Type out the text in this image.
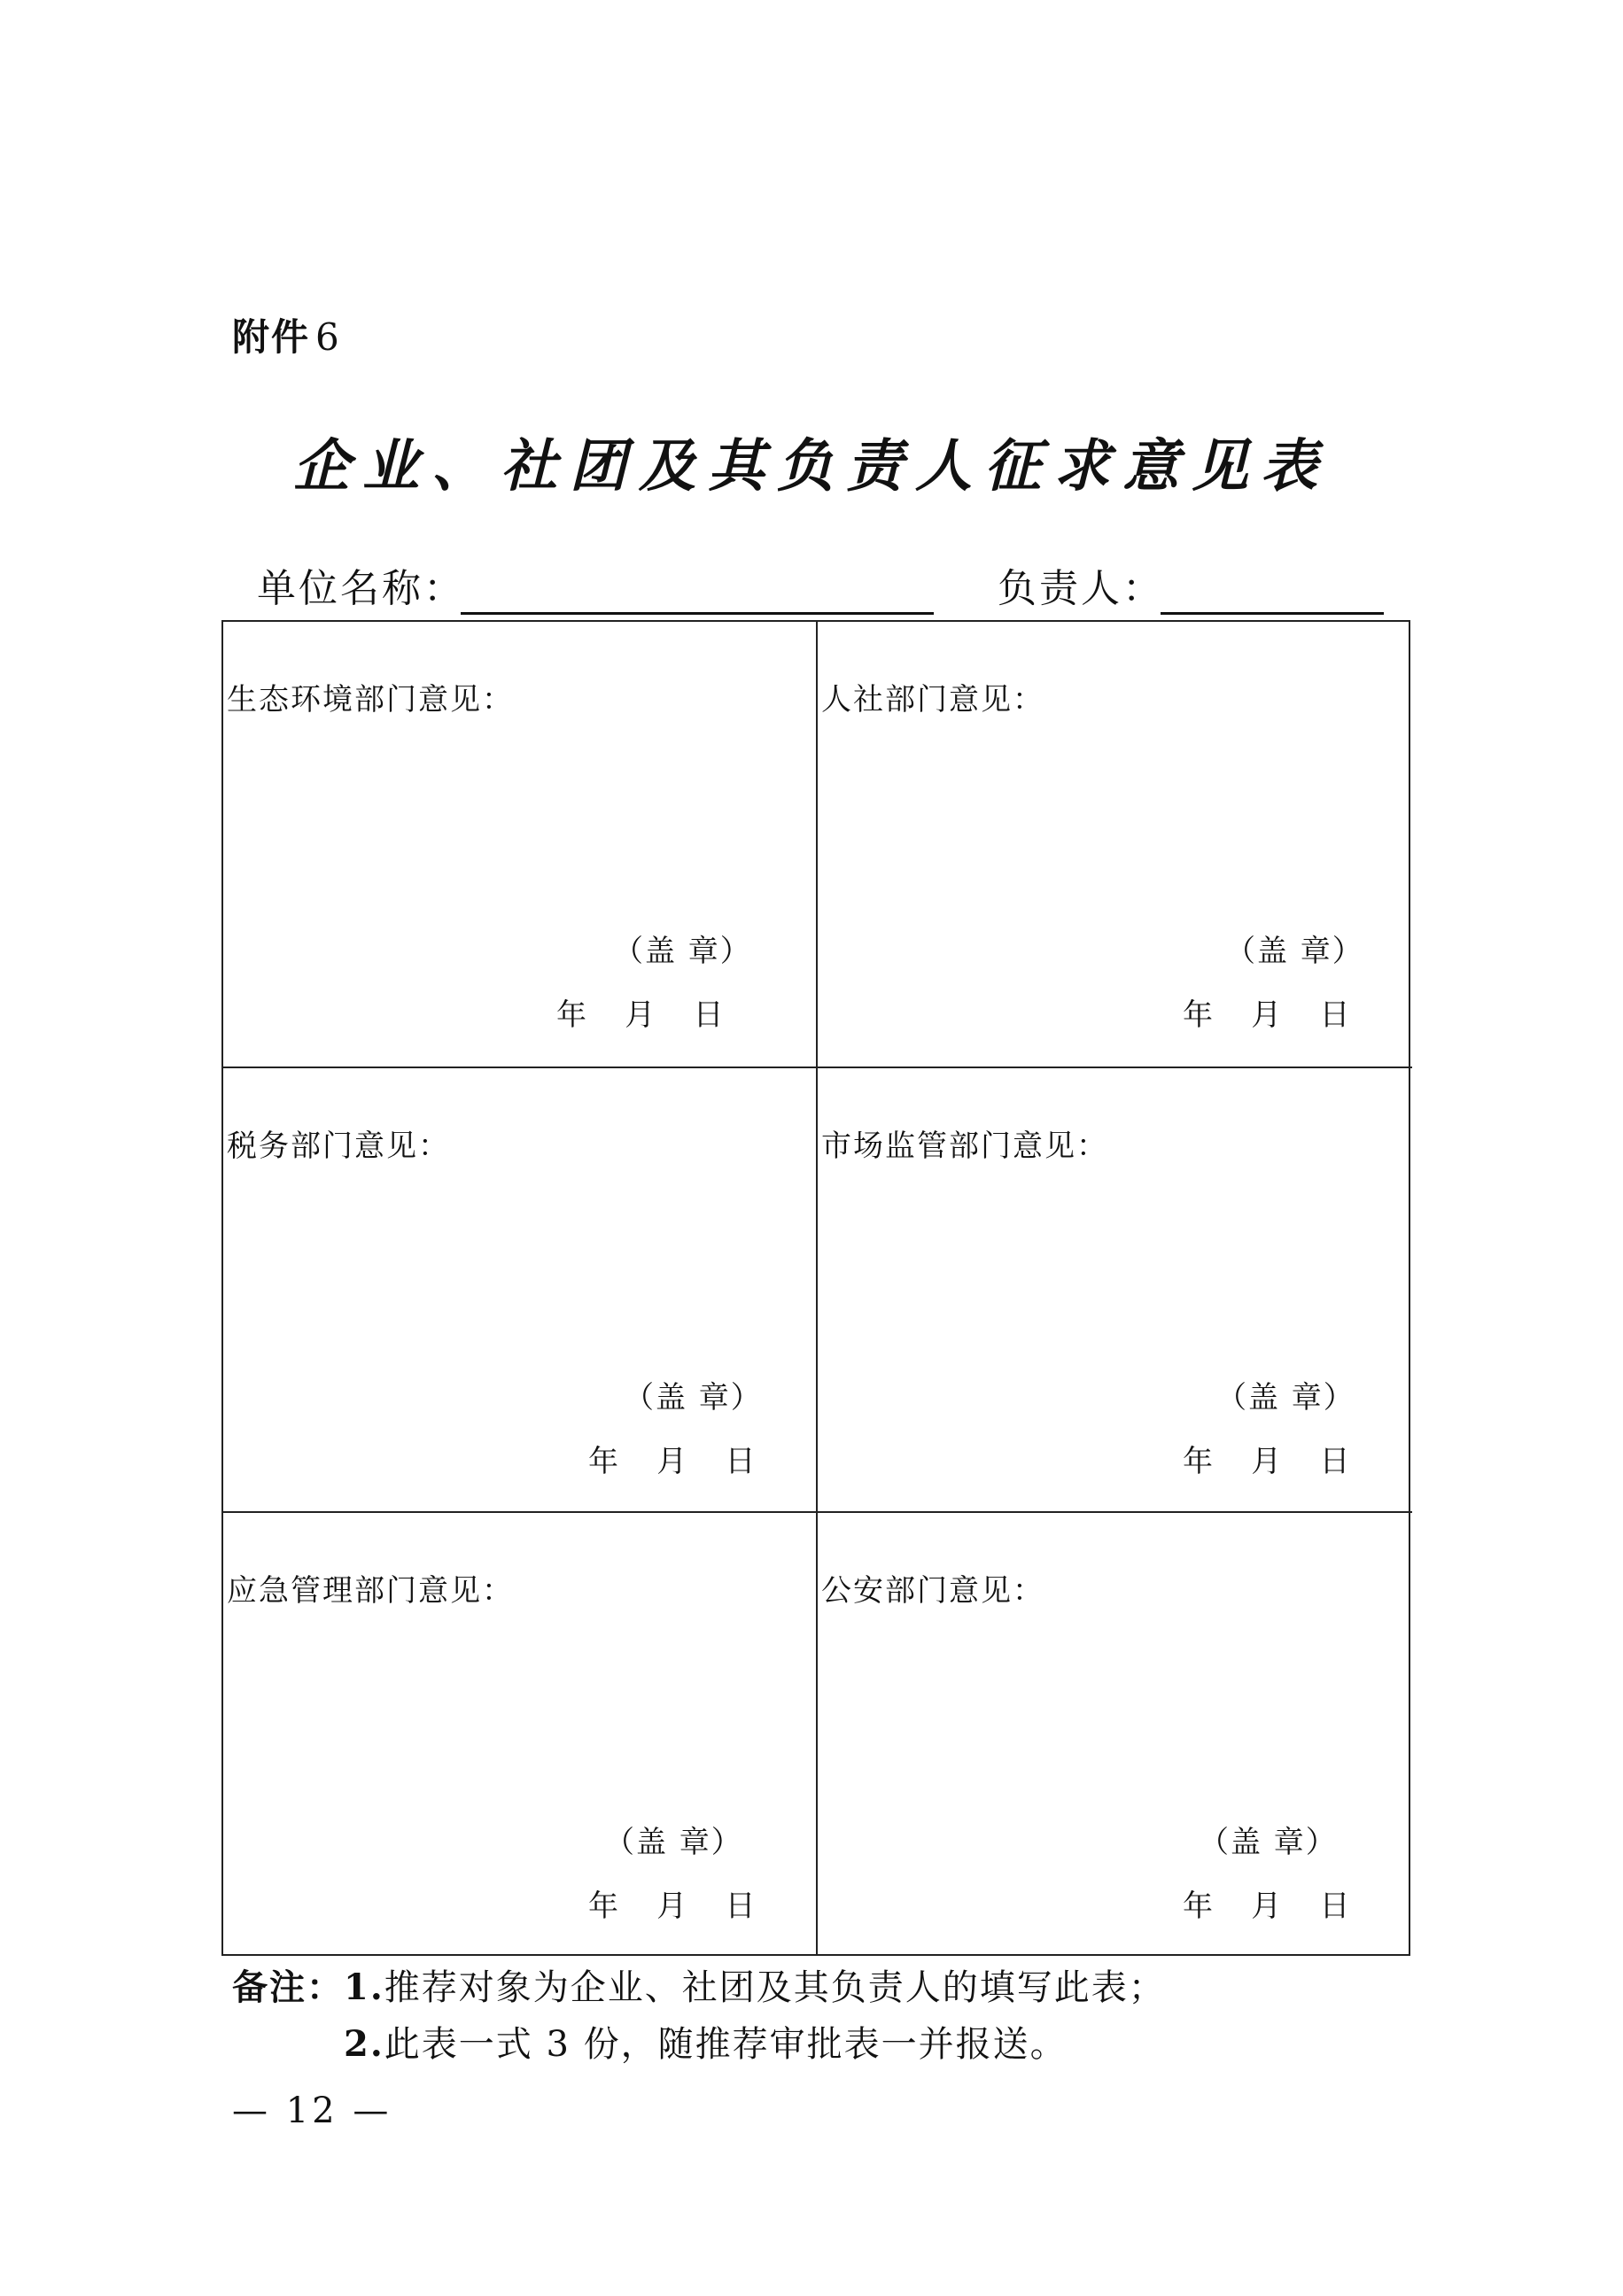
附件 6
企业、社团及其负责人征求意见表
单位名称：	负责人：
生态环境部门意见：
（盖 章）
年    月    日
人社部门意见：
（盖 章）
年    月    日
税务部门意见：
（盖 章）
年    月    日
市场监管部门意见：
（盖 章）
年    月    日
应急管理部门意见：
（盖 章）
年    月    日
公安部门意见：
（盖 章）
年    月    日
备注：1.推荐对象为企业、社团及其负责人的填写此表；
2.此表一式 3 份，随推荐审批表一并报送。
— 12 —
